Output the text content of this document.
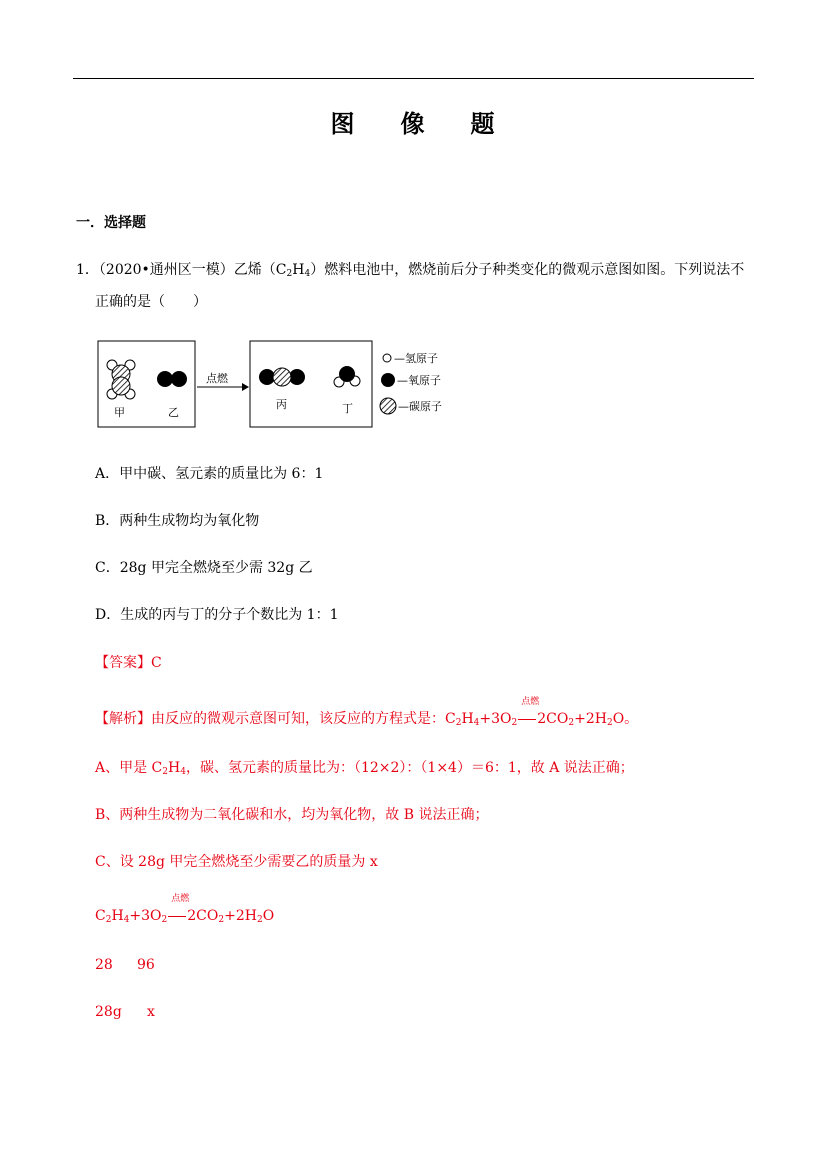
图 像 题
一．选择题
1．（2020•通州区一模）乙烯$(C_2H_4)$燃料电池中，燃烧前后分子种类变化的微观示意图如图。下列说法不
正确的是（　　）
甲	乙
点燃
丙	丁
—氢原子
—氧原子
—碳原子
A．甲中碳、氢元素的质量比为 6：1
B．两种生成物均为氧化物
C．28g 甲完全燃烧至少需 32g 乙
D．生成的丙与丁的分子个数比为 1：1
【答案】C
【解析】由反应的微观示意图可知，该反应的方程式是：$C_2H_4+3O_2$
点燃
$2CO_2+2H_2O$。
A、甲是 $C_2H_4$，碳、氢元素的质量比为：（12×2）：（1×4）＝6：1，故 A 说法正确；
B、两种生成物为二氧化碳和水，均为氧化物，故 B 说法正确；
C、设 28g 甲完全燃烧至少需要乙的质量为 x
$C_2H_4+3O_2$
点燃
$2CO_2+2H_2O$
28 96
28g x
